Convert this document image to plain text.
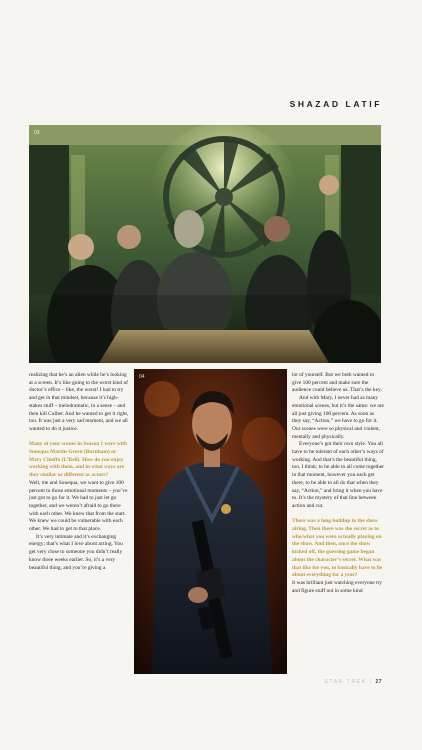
SHAZAD LATIF
03
04

realizing that he’s an alien while he’s looking at a screen. It’s like going to the worst kind of doctor’s office – like, the worst! I had to try and get in that mindset, because it’s high-stakes stuff – melodramatic, in a sense – and then kill Culber. And he wanted to get it right, too. It was just a very sad moment, and we all wanted to do it justice.

Many of your scenes in Season 1 were with Sonequa Martin-Green (Burnham) or Mary Chieffo (L’Rell). How do you enjoy working with them, and in what ways are they similar or different as actors?

Well, me and Sonequa, we want to give 100 percent to those emotional moments – you’ve just got to go for it. We had to just let go together, and we weren’t afraid to go there with each other. We knew that from the start. We knew we could be vulnerable with each other. We had to get to that place.

It’s very intimate and it’s exchanging energy; that’s what I love about acting. You get very close to someone you didn’t really know three weeks earlier. So, it’s a very beautiful thing, and you’re giving a

lot of yourself. But we both wanted to give 100 percent and make sure the audience could believe us. That’s the key.

And with Mary, I never had as many emotional scenes, but it’s the same: we are all just giving 100 percent. As soon as they say, “Action,” we have to go for it. Our scenes were so physical and violent, mentally and physically.

Everyone’s got their own style. You all have to be tolerant of each other’s ways of working. And that’s the beautiful thing, too, I think; to be able to all come together in that moment, however you each get there, to be able to all do that when they say, “Action,” and bring it when you have to. It’s the mystery of that line between action and cut.

There was a long buildup to the show airing. Then there was the secret as to who/what you were actually playing on the show. And then, once the show kicked off, the guessing game began about the character’s secret. What was that like for you, to basically have to lie about everything for a year?

It was brilliant just watching everyone try and figure stuff out in some kind

STAR TREK | 27
